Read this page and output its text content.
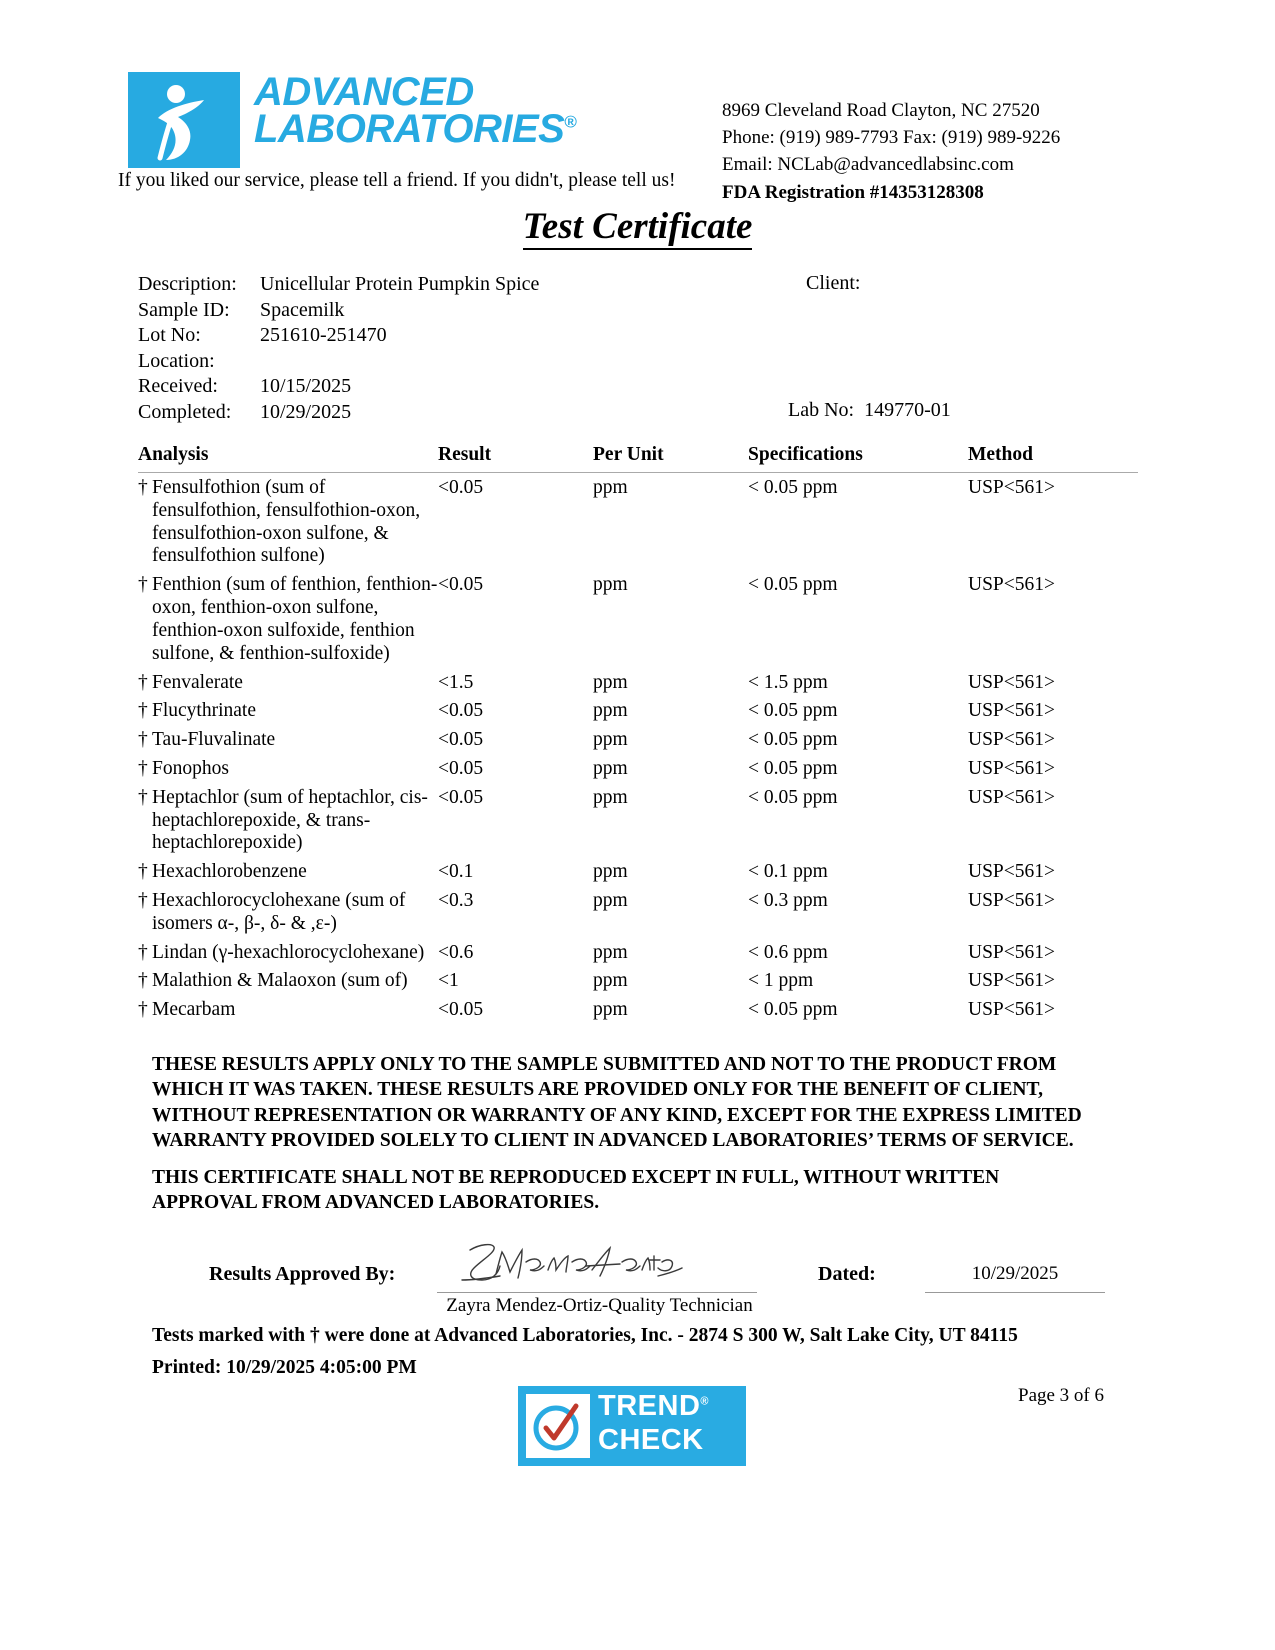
ADVANCED
LABORATORIES®
If you liked our service, please tell a friend. If you didn't, please tell us!
8969 Cleveland Road Clayton, NC 27520
Phone: (919) 989-7793 Fax: (919) 989-9226
Email: NCLab@advancedlabsinc.com
FDA Registration #14353128308
Test Certificate
Description:	Unicellular Protein Pumpkin Spice
Sample ID:	Spacemilk
Lot No:	251610-251470
Location:
Received:	10/15/2025
Completed:	10/29/2025
Client:
Lab No: 149770-01
Analysis	Result	Per Unit	Specifications	Method
† Fensulfothion (sum of fensulfothion, fensulfothion-oxon, fensulfothion-oxon sulfone, & fensulfothion sulfone)
<0.05	ppm	< 0.05 ppm	USP<561>
† Fenthion (sum of fenthion, fenthion-oxon, fenthion-oxon sulfone, fenthion-oxon sulfoxide, fenthion sulfone, & fenthion-sulfoxide)
<0.05	ppm	< 0.05 ppm	USP<561>
† Fenvalerate	<1.5	ppm	< 1.5 ppm	USP<561>
† Flucythrinate	<0.05	ppm	< 0.05 ppm	USP<561>
† Tau-Fluvalinate	<0.05	ppm	< 0.05 ppm	USP<561>
† Fonophos	<0.05	ppm	< 0.05 ppm	USP<561>
† Heptachlor (sum of heptachlor, cis-heptachlorepoxide, & trans-heptachlorepoxide)
<0.05	ppm	< 0.05 ppm	USP<561>
† Hexachlorobenzene	<0.1	ppm	< 0.1 ppm	USP<561>
† Hexachlorocyclohexane (sum of isomers α-, β-, δ- & ,ε-)
<0.3	ppm	< 0.3 ppm	USP<561>
† Lindan (γ-hexachlorocyclohexane) <0.6	ppm	< 0.6 ppm	USP<561>
† Malathion & Malaoxon (sum of) <1	ppm	< 1 ppm	USP<561>
† Mecarbam	<0.05	ppm	< 0.05 ppm	USP<561>
THESE RESULTS APPLY ONLY TO THE SAMPLE SUBMITTED AND NOT TO THE PRODUCT FROM WHICH IT WAS TAKEN. THESE RESULTS ARE PROVIDED ONLY FOR THE BENEFIT OF CLIENT, WITHOUT REPRESENTATION OR WARRANTY OF ANY KIND, EXCEPT FOR THE EXPRESS LIMITED WARRANTY PROVIDED SOLELY TO CLIENT IN ADVANCED LABORATORIES’ TERMS OF SERVICE.
THIS CERTIFICATE SHALL NOT BE REPRODUCED EXCEPT IN FULL, WITHOUT WRITTEN APPROVAL FROM ADVANCED LABORATORIES.
Results Approved By:
Zayra Mendez-Ortiz-Quality Technician
Dated:	10/29/2025
Tests marked with † were done at Advanced Laboratories, Inc. - 2874 S 300 W, Salt Lake City, UT 84115
Printed: 10/29/2025 4:05:00 PM
Page 3 of 6
TREND®
CHECK
